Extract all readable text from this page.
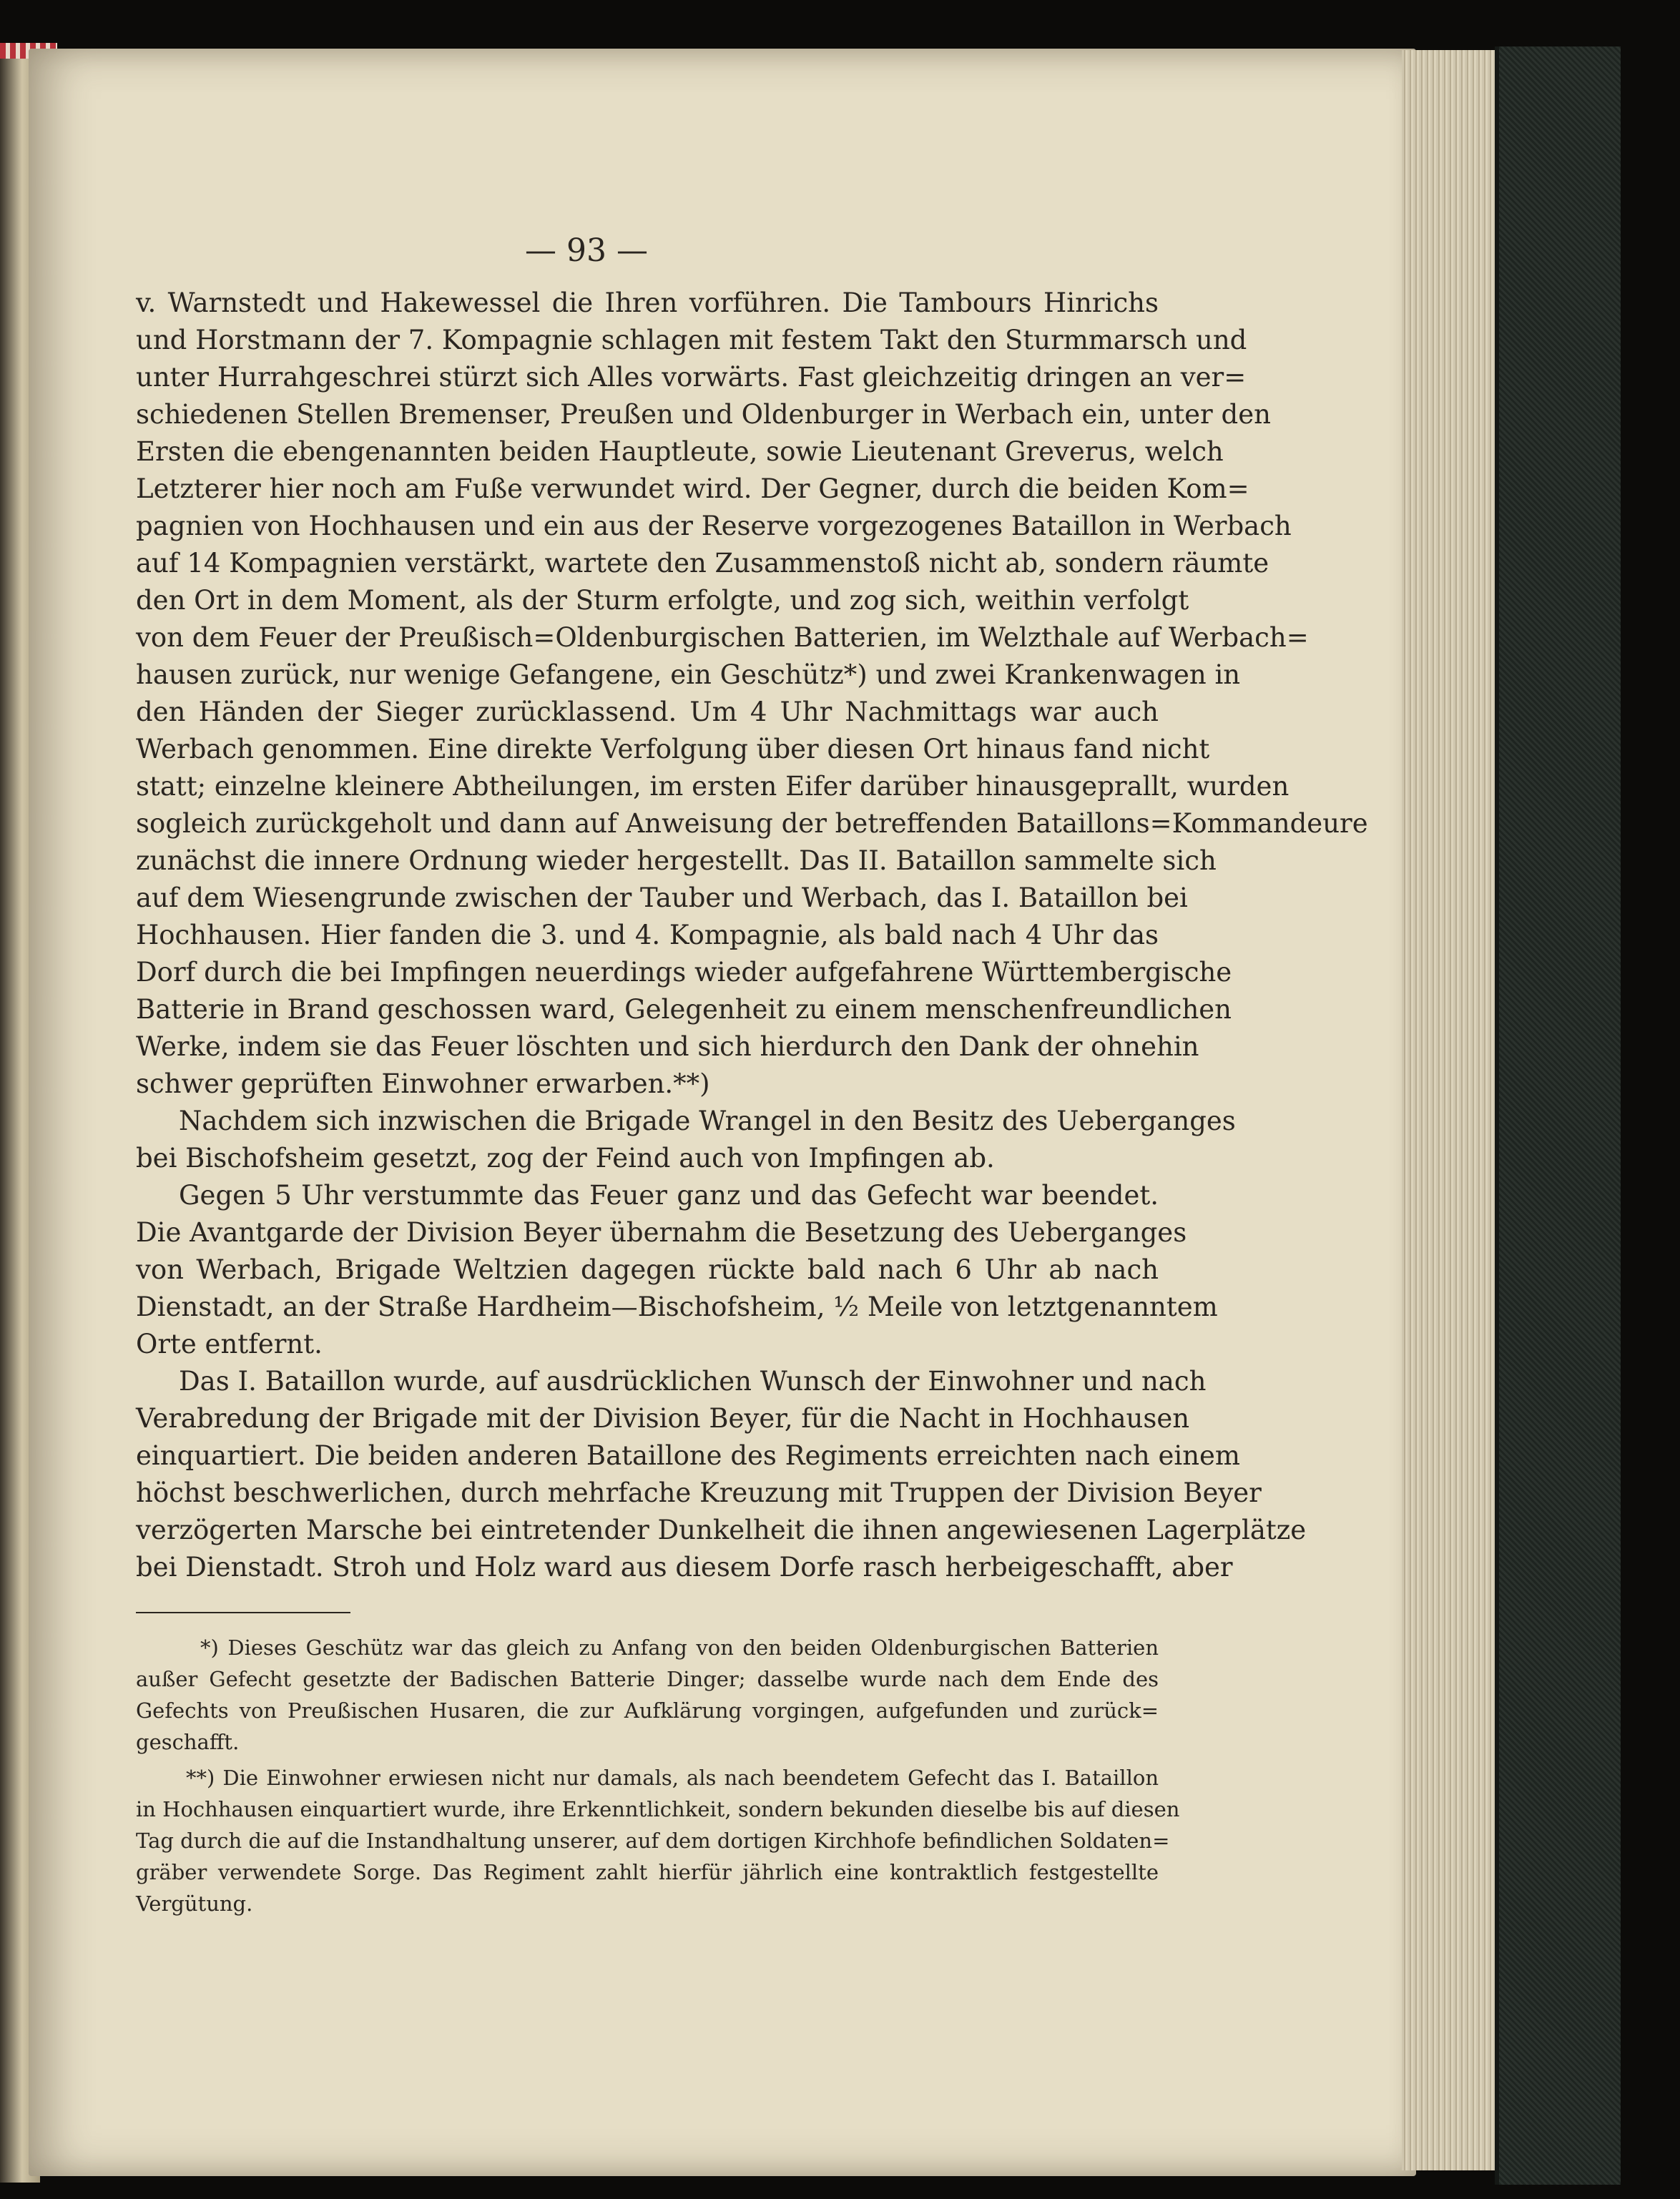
— 93 —
v. Warnstedt und Hakewessel die Ihren vorführen. Die Tambours Hinrichs
und Horstmann der 7. Kompagnie schlagen mit festem Takt den Sturmmarsch und
unter Hurrahgeschrei stürzt sich Alles vorwärts. Fast gleichzeitig dringen an ver=
schiedenen Stellen Bremenser, Preußen und Oldenburger in Werbach ein, unter den
Ersten die ebengenannten beiden Hauptleute, sowie Lieutenant Greverus, welch
Letzterer hier noch am Fuße verwundet wird. Der Gegner, durch die beiden Kom=
pagnien von Hochhausen und ein aus der Reserve vorgezogenes Bataillon in Werbach
auf 14 Kompagnien verstärkt, wartete den Zusammenstoß nicht ab, sondern räumte
den Ort in dem Moment, als der Sturm erfolgte, und zog sich, weithin verfolgt
von dem Feuer der Preußisch=Oldenburgischen Batterien, im Welzthale auf Werbach=
hausen zurück, nur wenige Gefangene, ein Geschütz*) und zwei Krankenwagen in
den Händen der Sieger zurücklassend. Um 4 Uhr Nachmittags war auch
Werbach genommen. Eine direkte Verfolgung über diesen Ort hinaus fand nicht
statt; einzelne kleinere Abtheilungen, im ersten Eifer darüber hinausgeprallt, wurden
sogleich zurückgeholt und dann auf Anweisung der betreffenden Bataillons=Kommandeure
zunächst die innere Ordnung wieder hergestellt. Das II. Bataillon sammelte sich
auf dem Wiesengrunde zwischen der Tauber und Werbach, das I. Bataillon bei
Hochhausen. Hier fanden die 3. und 4. Kompagnie, als bald nach 4 Uhr das
Dorf durch die bei Impfingen neuerdings wieder aufgefahrene Württembergische
Batterie in Brand geschossen ward, Gelegenheit zu einem menschenfreundlichen
Werke, indem sie das Feuer löschten und sich hierdurch den Dank der ohnehin
schwer geprüften Einwohner erwarben.**)
Nachdem sich inzwischen die Brigade Wrangel in den Besitz des Ueberganges
bei Bischofsheim gesetzt, zog der Feind auch von Impfingen ab.
Gegen 5 Uhr verstummte das Feuer ganz und das Gefecht war beendet.
Die Avantgarde der Division Beyer übernahm die Besetzung des Ueberganges
von Werbach, Brigade Weltzien dagegen rückte bald nach 6 Uhr ab nach
Dienstadt, an der Straße Hardheim—Bischofsheim, ½ Meile von letztgenanntem
Orte entfernt.
Das I. Bataillon wurde, auf ausdrücklichen Wunsch der Einwohner und nach
Verabredung der Brigade mit der Division Beyer, für die Nacht in Hochhausen
einquartiert. Die beiden anderen Bataillone des Regiments erreichten nach einem
höchst beschwerlichen, durch mehrfache Kreuzung mit Truppen der Division Beyer
verzögerten Marsche bei eintretender Dunkelheit die ihnen angewiesenen Lagerplätze
bei Dienstadt. Stroh und Holz ward aus diesem Dorfe rasch herbeigeschafft, aber
*) Dieses Geschütz war das gleich zu Anfang von den beiden Oldenburgischen Batterien
außer Gefecht gesetzte der Badischen Batterie Dinger; dasselbe wurde nach dem Ende des
Gefechts von Preußischen Husaren, die zur Aufklärung vorgingen, aufgefunden und zurück=
geschafft.
**) Die Einwohner erwiesen nicht nur damals, als nach beendetem Gefecht das I. Bataillon
in Hochhausen einquartiert wurde, ihre Erkenntlichkeit, sondern bekunden dieselbe bis auf diesen
Tag durch die auf die Instandhaltung unserer, auf dem dortigen Kirchhofe befindlichen Soldaten=
gräber verwendete Sorge. Das Regiment zahlt hierfür jährlich eine kontraktlich festgestellte
Vergütung.
